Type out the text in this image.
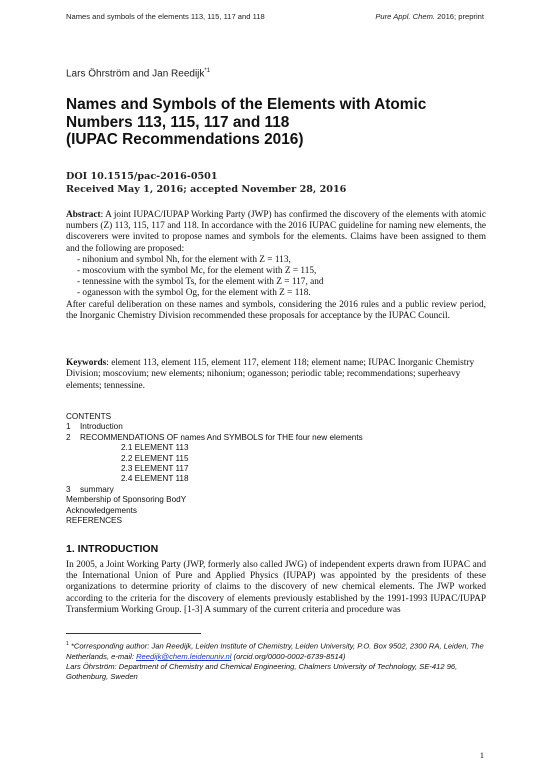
Names and symbols of the elements 113, 115, 117 and 118	Pure Appl. Chem. 2016; preprint
Lars Öhrström and Jan Reedijk$^{*1}$
Names and Symbols of the Elements with Atomic
Numbers 113, 115, 117 and 118
(IUPAC Recommendations 2016)
DOI 10.1515/pac-2016-0501
Received May 1, 2016; accepted November 28, 2016
Abstract: A joint IUPAC/IUPAP Working Party (JWP) has confirmed the discovery of the elements with atomic numbers (Z) 113, 115, 117 and 118. In accordance with the 2016 IUPAC guideline for naming new elements, the discoverers were invited to propose names and symbols for the elements. Claims have been assigned to them and the following are proposed:
- nihonium and symbol Nh, for the element with Z = 113,
- moscovium with the symbol Mc, for the element with Z = 115,
- tennessine with the symbol Ts, for the element with Z = 117, and
- oganesson with the symbol Og, for the element with Z = 118.
After careful deliberation on these names and symbols, considering the 2016 rules and a public review period, the Inorganic Chemistry Division recommended these proposals for acceptance by the IUPAC Council.
Keywords: element 113, element 115, element 117, element 118; element name; IUPAC Inorganic Chemistry Division; moscovium; new elements; nihonium; oganesson; periodic table; recommendations; superheavy elements; tennessine.
CONTENTS
1 Introduction
2 RECOMMENDATIONS OF names And SYMBOLS for THE four new elements
2.1 ELEMENT 113
2.2 ELEMENT 115
2.3 ELEMENT 117
2.4 ELEMENT 118
3 summary
Membership of Sponsoring BodY
Acknowledgements
REFERENCES
1. INTRODUCTION
In 2005, a Joint Working Party (JWP, formerly also called JWG) of independent experts drawn from IUPAC and the International Union of Pure and Applied Physics (IUPAP) was appointed by the presidents of these organizations to determine priority of claims to the discovery of new chemical elements. The JWP worked according to the criteria for the discovery of elements previously established by the 1991-1993 IUPAC/IUPAP Transfermium Working Group. [1-3] A summary of the current criteria and procedure was
$^1$ *Corresponding author: Jan Reedijk, Leiden Institute of Chemistry, Leiden University, P.O. Box 9502, 2300 RA, Leiden, The Netherlands, e-mail: Reedijk@chem.leidenuniv.nl (orcid.org/0000-0002-6739-8514)
Lars Öhrström: Department of Chemistry and Chemical Engineering, Chalmers University of Technology, SE-412 96, Gothenburg, Sweden
1
